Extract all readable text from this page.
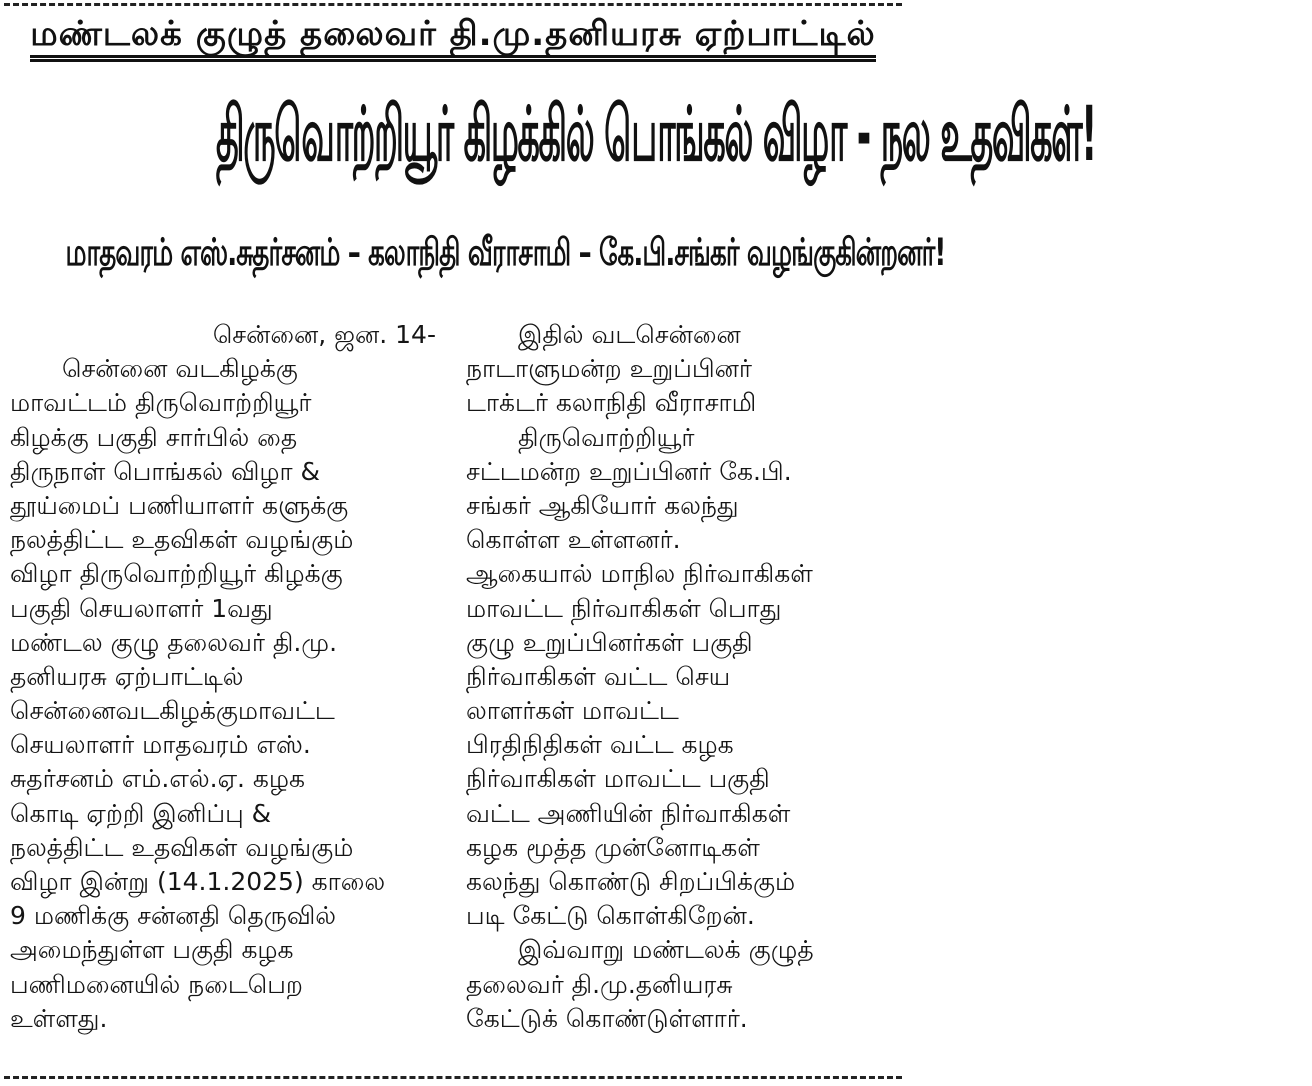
மண்டலக் குழுத் தலைவர் தி.மு.தனியரசு ஏற்பாட்டில்
திருவொற்றியூர் கிழக்கில் பொங்கல் விழா - நல உதவிகள்!
மாதவரம் எஸ்.சுதர்சனம் – கலாநிதி வீராசாமி – கே.பி.சங்கர் வழங்குகின்றனர்!
சென்னை, ஜன. 14-
சென்னை வடகிழக்கு
மாவட்டம் திருவொற்றியூர்
கிழக்கு பகுதி சார்பில் தை
திருநாள் பொங்கல் விழா &
தூய்மைப் பணியாளர் களுக்கு
நலத்திட்ட உதவிகள் வழங்கும்
விழா திருவொற்றியூர் கிழக்கு
பகுதி செயலாளர் 1வது
மண்டல குழு தலைவர் தி.மு.
தனியரசு ஏற்பாட்டில்
சென்னைவடகிழக்குமாவட்ட
செயலாளர் மாதவரம் எஸ்.
சுதர்சனம் எம்.எல்.ஏ. கழக
கொடி ஏற்றி இனிப்பு &
நலத்திட்ட உதவிகள் வழங்கும்
விழா இன்று (14.1.2025) காலை
9 மணிக்கு சன்னதி தெருவில்
அமைந்துள்ள பகுதி கழக
பணிமனையில் நடைபெற
உள்ளது.
இதில் வடசென்னை
நாடாளுமன்ற உறுப்பினர்
டாக்டர் கலாநிதி வீராசாமி
திருவொற்றியூர்
சட்டமன்ற உறுப்பினர் கே.பி.
சங்கர் ஆகியோர் கலந்து
கொள்ள உள்ளனர்.
ஆகையால் மாநில நிர்வாகிகள்
மாவட்ட நிர்வாகிகள் பொது
குழு உறுப்பினர்கள் பகுதி
நிர்வாகிகள் வட்ட செய
லாளர்கள் மாவட்ட
பிரதிநிதிகள் வட்ட கழக
நிர்வாகிகள் மாவட்ட பகுதி
வட்ட அணியின் நிர்வாகிகள்
கழக மூத்த முன்னோடிகள்
கலந்து கொண்டு சிறப்பிக்கும்
படி கேட்டு கொள்கிறேன்.
இவ்வாறு மண்டலக் குழுத்
தலைவர் தி.மு.தனியரசு
கேட்டுக் கொண்டுள்ளார்.
